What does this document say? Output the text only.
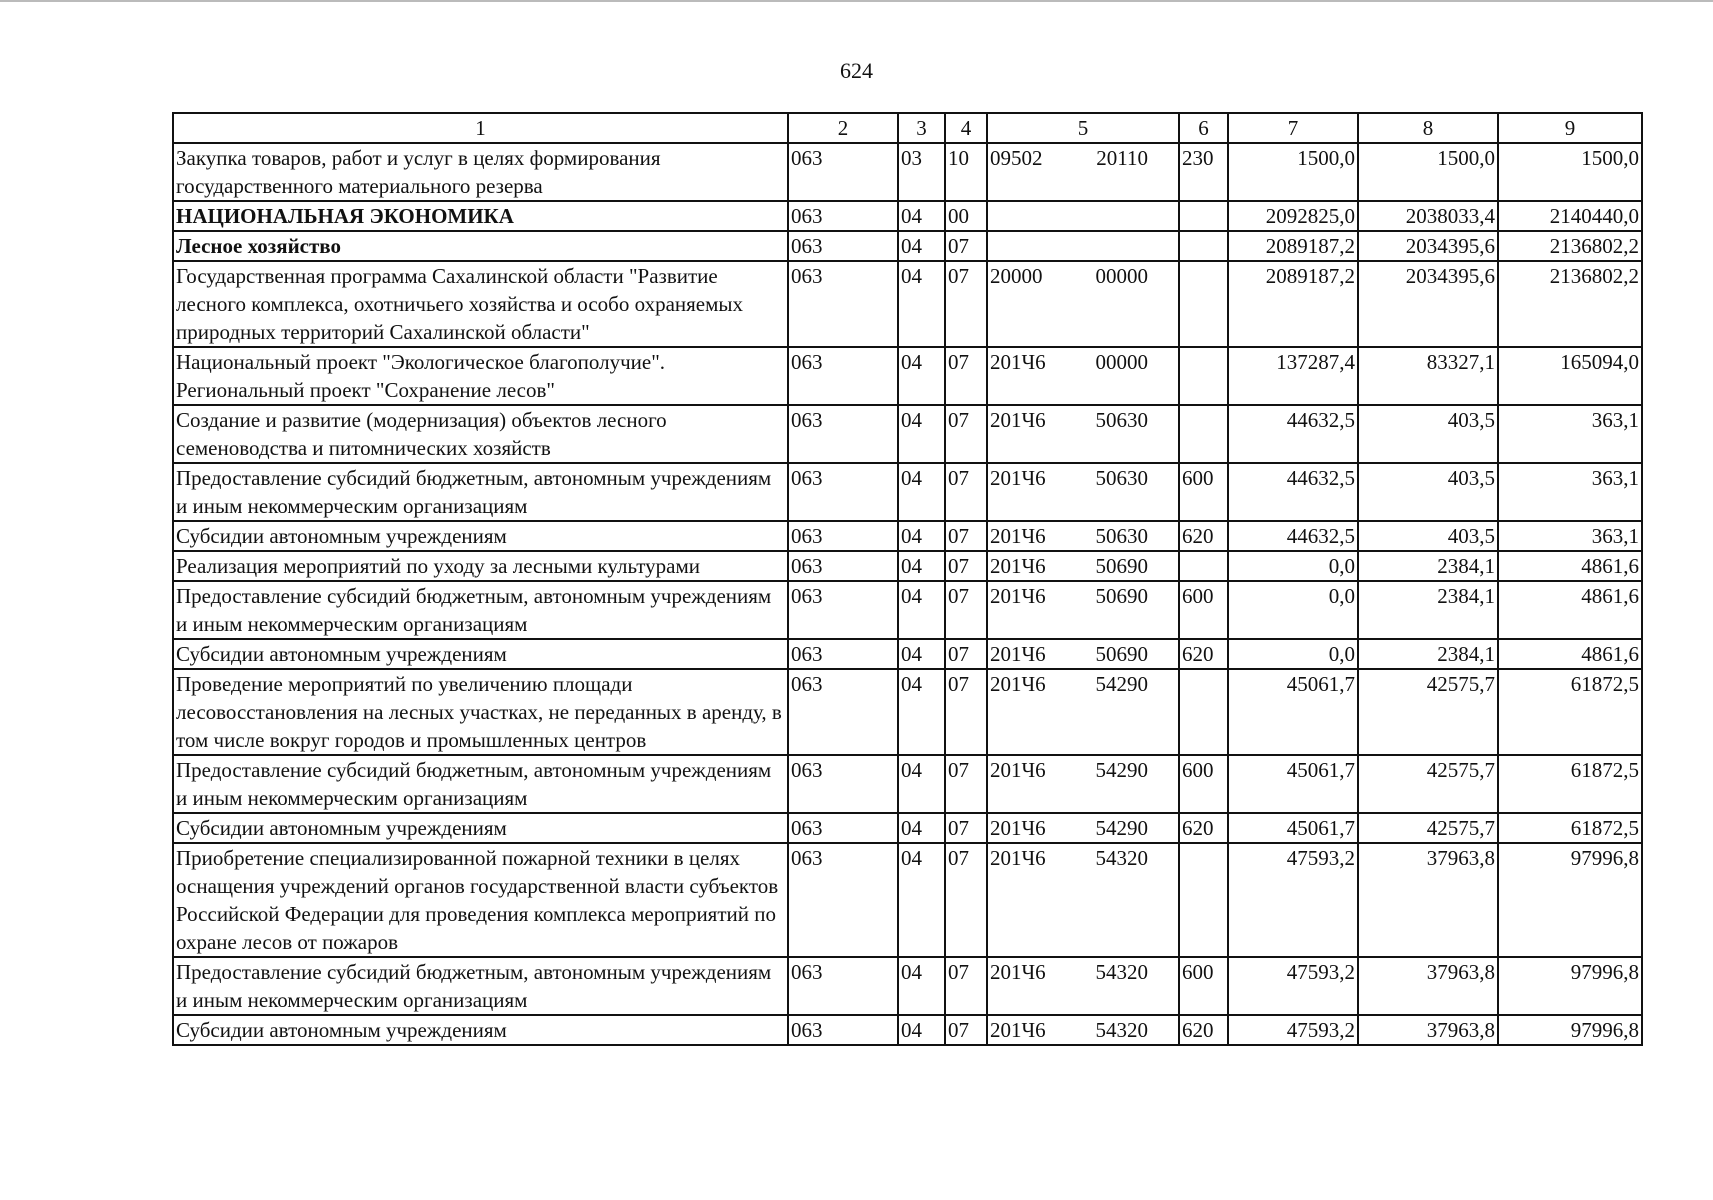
624
1	2	3	4	5	6	7	8	9
Закупка товаров, работ и услуг в целях формирования государственного материального резерва	063	03	10	09502 20110	230	1500,0	1500,0	1500,0
НАЦИОНАЛЬНАЯ ЭКОНОМИКА	063	04	00			2092825,0	2038033,4	2140440,0
Лесное хозяйство	063	04	07			2089187,2	2034395,6	2136802,2
Государственная программа Сахалинской области "Развитие лесного комплекса, охотничьего хозяйства и особо охраняемых природных территорий Сахалинской области"	063	04	07	20000 00000		2089187,2	2034395,6	2136802,2
Национальный проект "Экологическое благополучие". Региональный проект "Сохранение лесов"	063	04	07	201Ч6 00000		137287,4	83327,1	165094,0
Создание и развитие (модернизация) объектов лесного семеноводства и питомнических хозяйств	063	04	07	201Ч6 50630		44632,5	403,5	363,1
Предоставление субсидий бюджетным, автономным учреждениям и иным некоммерческим организациям	063	04	07	201Ч6 50630	600	44632,5	403,5	363,1
Субсидии автономным учреждениям	063	04	07	201Ч6 50630	620	44632,5	403,5	363,1
Реализация мероприятий по уходу за лесными культурами	063	04	07	201Ч6 50690		0,0	2384,1	4861,6
Предоставление субсидий бюджетным, автономным учреждениям и иным некоммерческим организациям	063	04	07	201Ч6 50690	600	0,0	2384,1	4861,6
Субсидии автономным учреждениям	063	04	07	201Ч6 50690	620	0,0	2384,1	4861,6
Проведение мероприятий по увеличению площади лесовосстановления на лесных участках, не переданных в аренду, в том числе вокруг городов и промышленных центров	063	04	07	201Ч6 54290		45061,7	42575,7	61872,5
Предоставление субсидий бюджетным, автономным учреждениям и иным некоммерческим организациям	063	04	07	201Ч6 54290	600	45061,7	42575,7	61872,5
Субсидии автономным учреждениям	063	04	07	201Ч6 54290	620	45061,7	42575,7	61872,5
Приобретение специализированной пожарной техники в целях оснащения учреждений органов государственной власти субъектов Российской Федерации для проведения комплекса мероприятий по охране лесов от пожаров	063	04	07	201Ч6 54320		47593,2	37963,8	97996,8
Предоставление субсидий бюджетным, автономным учреждениям и иным некоммерческим организациям	063	04	07	201Ч6 54320	600	47593,2	37963,8	97996,8
Субсидии автономным учреждениям	063	04	07	201Ч6 54320	620	47593,2	37963,8	97996,8
